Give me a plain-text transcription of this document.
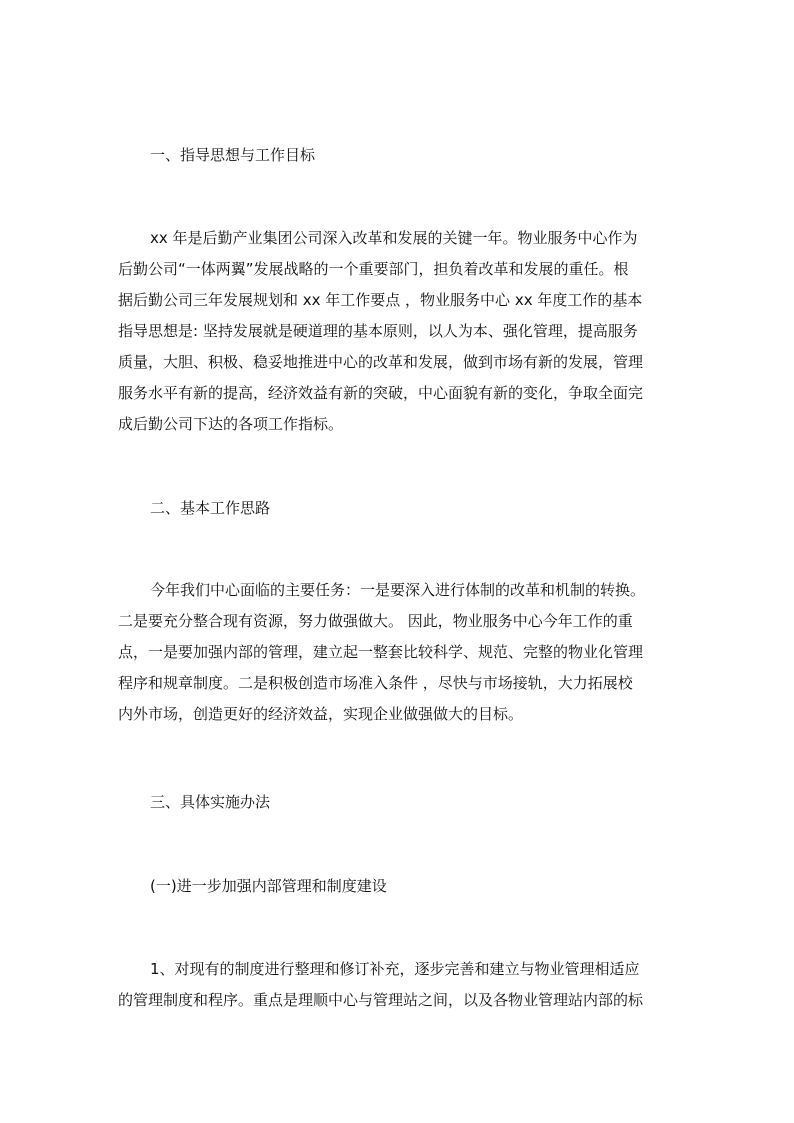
一、指导思想与工作目标
xx 年是后勤产业集团公司深入改革和发展的关键一年。物业服务中心作为
后勤公司“一体两翼”发展战略的一个重要部门，担负着改革和发展的重任。根
据后勤公司三年发展规划和 xx 年工作要点 ，物业服务中心 xx 年度工作的基本
指导思想是: 坚持发展就是硬道理的基本原则，以人为本、强化管理，提高服务
质量，大胆、积极、稳妥地推进中心的改革和发展，做到市场有新的发展，管理
服务水平有新的提高，经济效益有新的突破，中心面貌有新的变化，争取全面完
成后勤公司下达的各项工作指标。
二、基本工作思路
今年我们中心面临的主要任务：一是要深入进行体制的改革和机制的转换。
二是要充分整合现有资源，努力做强做大。 因此，物业服务中心今年工作的重
点，一是要加强内部的管理，建立起一整套比较科学、规范、完整的物业化管理
程序和规章制度。二是积极创造市场准入条件 ，尽快与市场接轨，大力拓展校
内外市场，创造更好的经济效益，实现企业做强做大的目标。
三、具体实施办法
(一)进一步加强内部管理和制度建设
1、对现有的制度进行整理和修订补充，逐步完善和建立与物业管理相适应
的管理制度和程序。重点是理顺中心与管理站之间，以及各物业管理站内部的标
